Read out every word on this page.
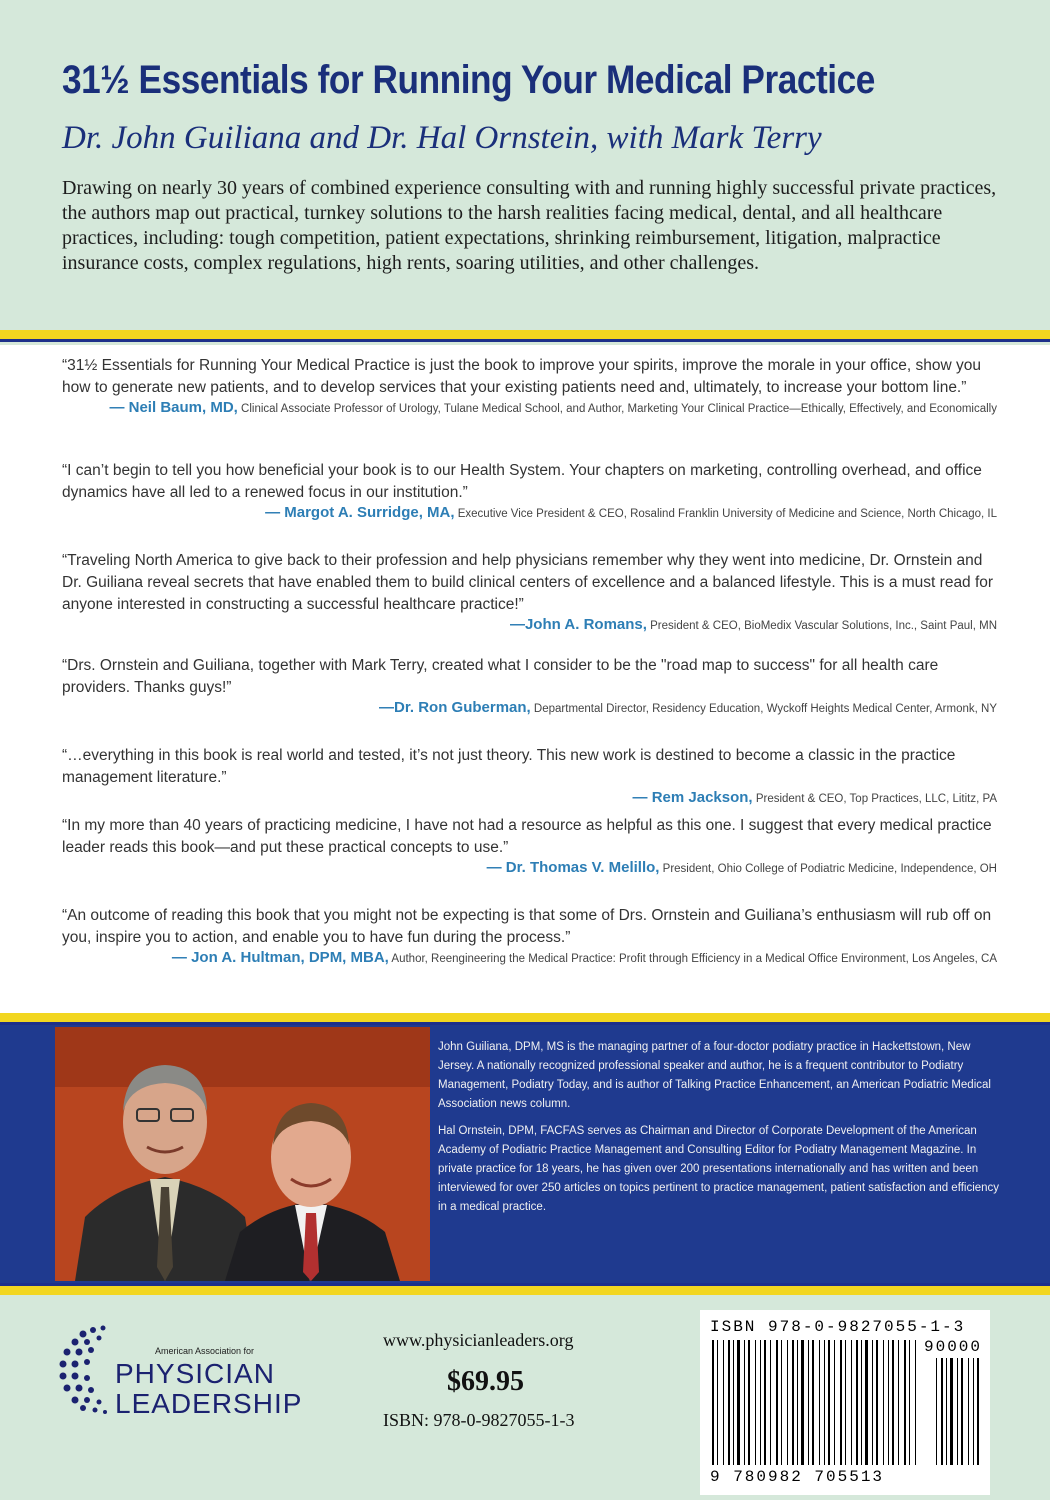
31½ Essentials for Running Your Medical Practice
Dr. John Guiliana and Dr. Hal Ornstein, with Mark Terry
Drawing on nearly 30 years of combined experience consulting with and running highly successful private practices, the authors map out practical, turnkey solutions to the harsh realities facing medical, dental, and all healthcare practices, including: tough competition, patient expectations, shrinking reimbursement, litigation, malpractice insurance costs, complex regulations, high rents, soaring utilities, and other challenges.
“31½ Essentials for Running Your Medical Practice is just the book to improve your spirits, improve the morale in your office, show you how to generate new patients, and to develop services that your existing patients need and, ultimately, to increase your bottom line.”
— Neil Baum, MD, Clinical Associate Professor of Urology, Tulane Medical School, and Author, Marketing Your Clinical Practice—Ethically, Effectively, and Economically
“I can’t begin to tell you how beneficial your book is to our Health System. Your chapters on marketing, controlling overhead, and office dynamics have all led to a renewed focus in our institution.”
— Margot A. Surridge, MA, Executive Vice President & CEO, Rosalind Franklin University of Medicine and Science, North Chicago, IL
“Traveling North America to give back to their profession and help physicians remember why they went into medicine, Dr. Ornstein and Dr. Guiliana reveal secrets that have enabled them to build clinical centers of excellence and a balanced lifestyle. This is a must read for anyone interested in constructing a successful healthcare practice!”
—John A. Romans, President & CEO, BioMedix Vascular Solutions, Inc., Saint Paul, MN
“Drs. Ornstein and Guiliana, together with Mark Terry, created what I consider to be the "road map to success" for all health care providers. Thanks guys!”
—Dr. Ron Guberman, Departmental Director, Residency Education, Wyckoff Heights Medical Center, Armonk, NY
“…everything in this book is real world and tested, it’s not just theory. This new work is destined to become a classic in the practice management literature.”
— Rem Jackson, President & CEO, Top Practices, LLC, Lititz, PA
“In my more than 40 years of practicing medicine, I have not had a resource as helpful as this one. I suggest that every medical practice leader reads this book—and put these practical concepts to use.”
— Dr. Thomas V. Melillo, President, Ohio College of Podiatric Medicine, Independence, OH
“An outcome of reading this book that you might not be expecting is that some of Drs. Ornstein and Guiliana’s enthusiasm will rub off on you, inspire you to action, and enable you to have fun during the process.”
— Jon A. Hultman, DPM, MBA, Author, Reengineering the Medical Practice: Profit through Efficiency in a Medical Office Environment, Los Angeles, CA

John Guiliana, DPM, MS is the managing partner of a four-doctor podiatry practice in Hackettstown, New Jersey. A nationally recognized professional speaker and author, he is a frequent contributor to Podiatry Management, Podiatry Today, and is author of Talking Practice Enhancement, an American Podiatric Medical Association news column.

Hal Ornstein, DPM, FACFAS serves as Chairman and Director of Corporate Development of the American Academy of Podiatric Practice Management and Consulting Editor for Podiatry Management Magazine. In private practice for 18 years, he has given over 200 presentations internationally and has written and been interviewed for over 250 articles on topics pertinent to practice management, patient satisfaction and efficiency in a medical practice.

American Association for
PHYSICIAN
LEADERSHIP
www.physicianleaders.org
$69.95
ISBN: 978-0-9827055-1-3
ISBN 978-0-9827055-1-3
90000
9 780982 705513
